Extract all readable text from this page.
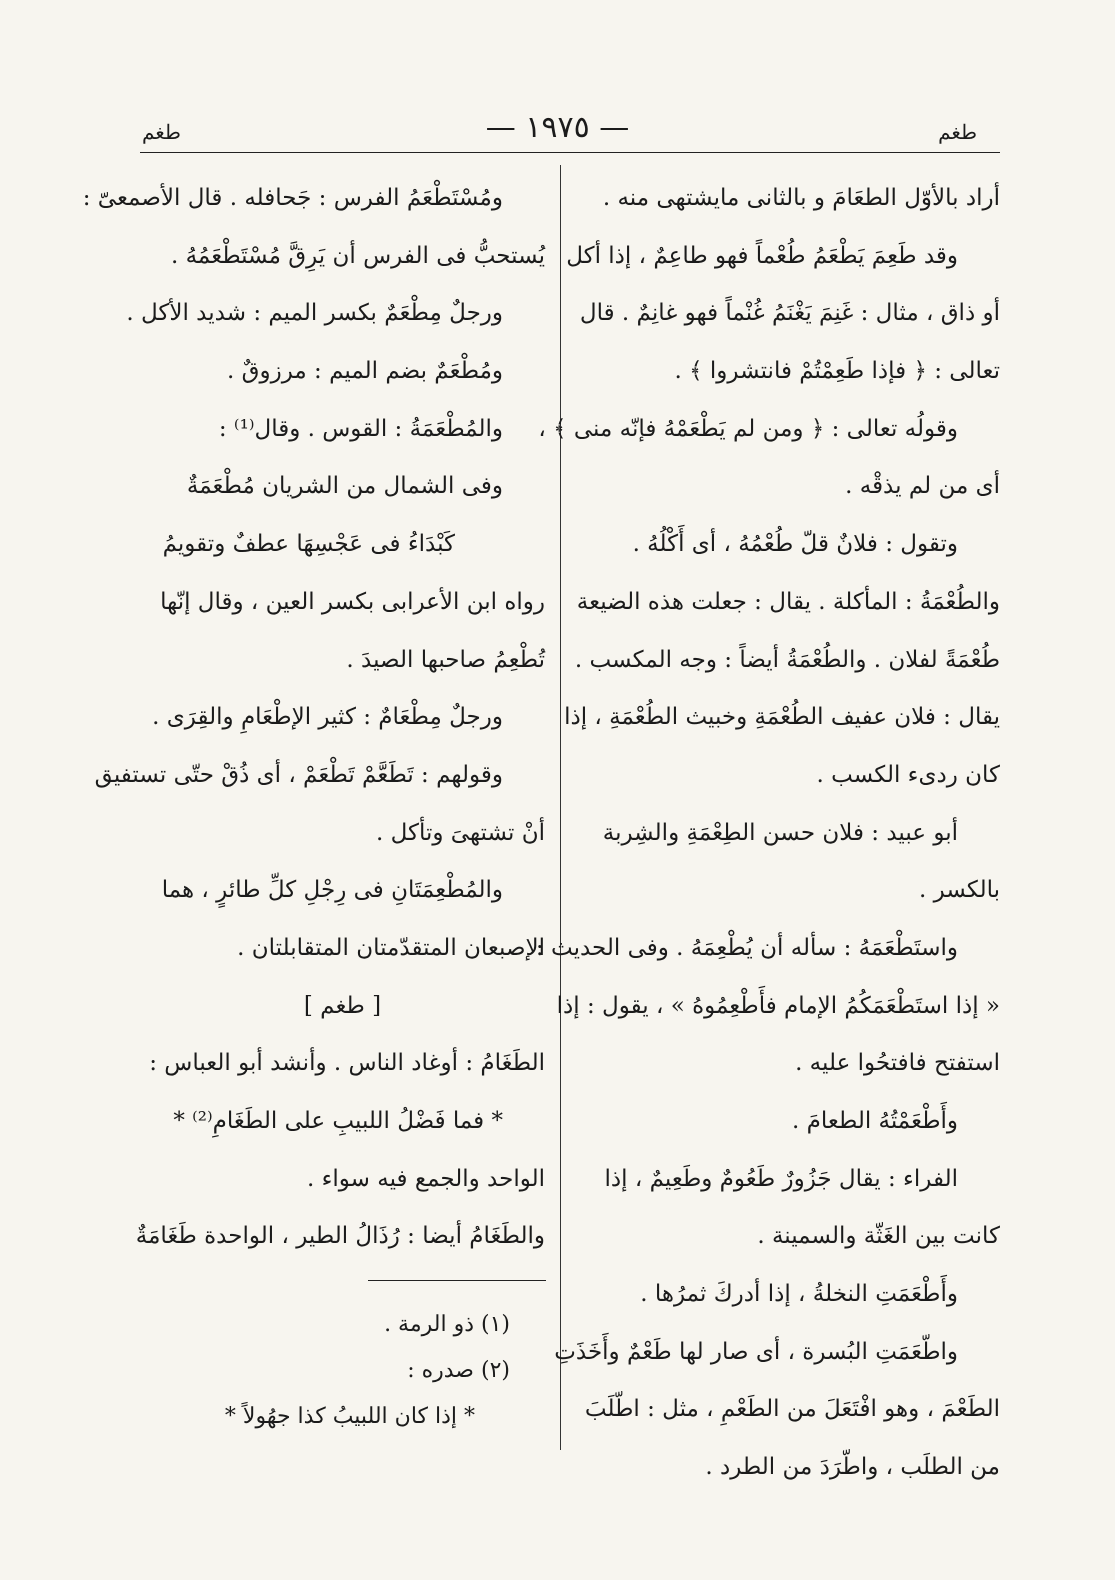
طغم
— ١٩٧٥ —
طغم
أراد بالأوّل الطعَامَ و بالثانى مايشتهى منه .
وقد طَعِمَ يَطْعَمُ طُعْماً فهو طاعِمٌ ، إذا أكل
أو ذاق ، مثال : غَنِمَ يَغْنَمُ غُنْماً فهو غانِمٌ . قال
تعالى : ﴿ فإذا طَعِمْتُمْ فانتشروا ﴾ .
وقولُه تعالى : ﴿ ومن لم يَطْعَمْهُ فإنّه منى ﴾ ،
أى من لم يذقْه .
وتقول : فلانٌ قلّ طُعْمُهُ ، أى أَكْلُهُ .
والطُعْمَةُ : المأكلة . يقال : جعلت هذه الضيعة
طُعْمَةً لفلان . والطُعْمَةُ أيضاً : وجه المكسب .
يقال : فلان عفيف الطُعْمَةِ وخبيث الطُعْمَةِ ، إذا
كان ردىء الكسب .
أبو عبيد : فلان حسن الطِعْمَةِ والشِربة
بالكسر .
واستَطْعَمَهُ : سأله أن يُطْعِمَهُ . وفى الحديث :
« إذا استَطْعَمَكُمُ الإمام فأَطْعِمُوهُ » ، يقول : إذا
استفتح فافتحُوا عليه .
وأَطْعَمْتُهُ الطعامَ .
الفراء : يقال جَزُورٌ طَعُومٌ وطَعِيمٌ ، إذا
كانت بين الغَثّة والسمينة .
وأَطْعَمَتِ النخلةُ ، إذا أدركَ ثمرُها .
واطّعَمَتِ البُسرة ، أى صار لها طَعْمٌ وأَخَذَتِ
الطَعْمَ ، وهو افْتَعَلَ من الطَعْمِ ، مثل : اطّلَبَ
من الطلَب ، واطّرَدَ من الطرد .
ومُسْتَطْعَمُ الفرس : جَحافله . قال الأصمعىّ :
يُستحبُّ فى الفرس أن يَرِقَّ مُسْتَطْعَمُهُ .
ورجلٌ مِطْعَمٌ بكسر الميم : شديد الأكل .
ومُطْعَمٌ بضم الميم : مرزوقٌ .
والمُطْعَمَةُ : القوس . وقال⁽¹⁾ :
وفى الشمال من الشريان مُطْعَمَةٌ
كَبْدَاءُ فى عَجْسِهَا عطفٌ وتقويمُ
رواه ابن الأعرابى بكسر العين ، وقال إنّها
تُطْعِمُ صاحبها الصيدَ .
ورجلٌ مِطْعَامٌ : كثير الإطْعَامِ والقِرَى .
وقولهم : تَطَعَّمْ تَطْعَمْ ، أى ذُقْ حتّى تستفيق
أنْ تشتهىَ وتأكل .
والمُطْعِمَتَانِ فى رِجْلِ كلِّ طائرٍ ، هما
الإصبعان المتقدّمتان المتقابلتان .
[ طغم ]
الطَغَامُ : أوغاد الناس . وأنشد أبو العباس :
* فما فَضْلُ اللبيبِ على الطَغَامِ⁽²⁾ *
الواحد والجمع فيه سواء .
والطَغَامُ أيضا : رُذَالُ الطير ، الواحدة طَغَامَةٌ
(١) ذو الرمة .
(٢) صدره :
* إذا كان اللبيبُ كذا جهُولاً *
